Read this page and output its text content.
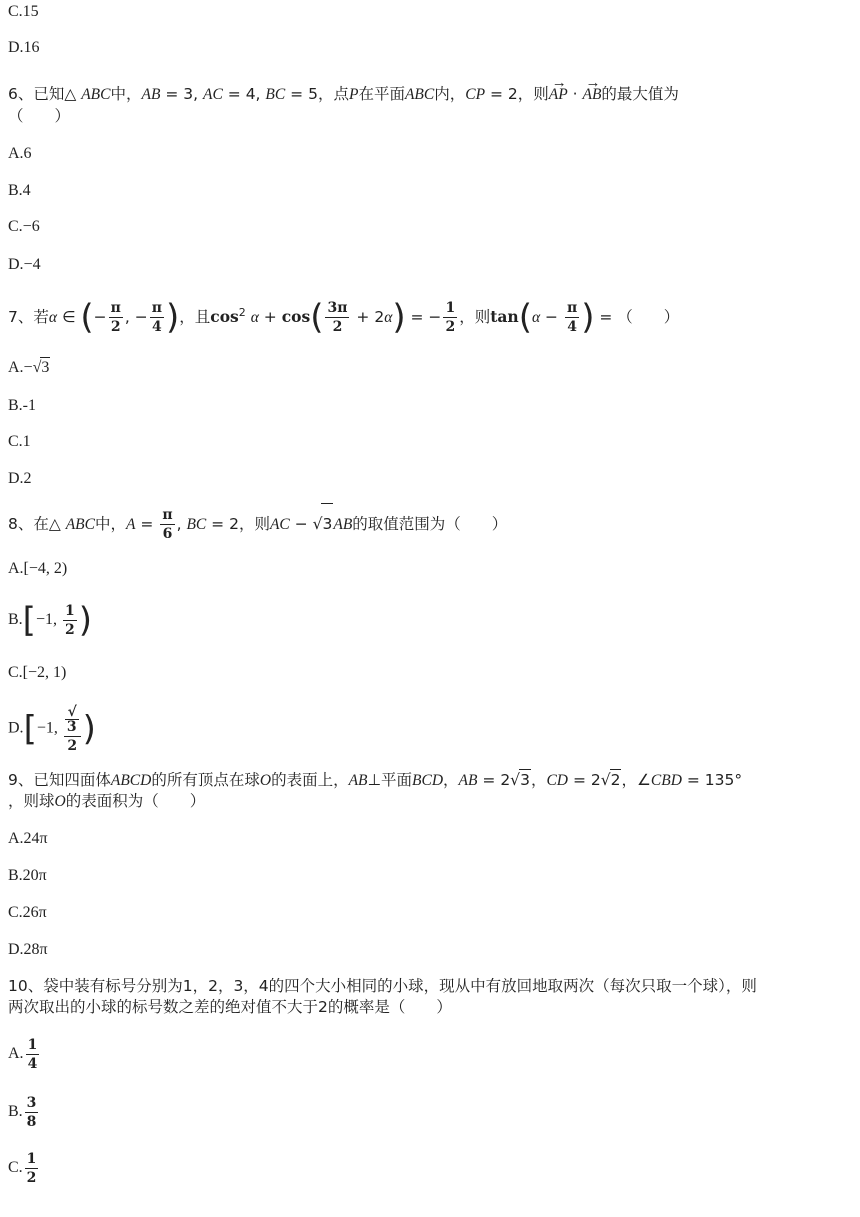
C.15
D.16
6、已知△ ABC中，AB = 3, AC = 4, BC = 5，点P在平面ABC内，CP = 2，则→ AP · → AB的最大值为
（　　）
A.6
B.4
C.−6
D.−4
7、若α ∈ (− $\frac{\pi}{2}$ , − $\frac{\pi}{4}$ )，且$\cos^2 \alpha + \cos( \frac{3\pi}{2} + 2\alpha)$ = − $\frac{1}{2}$ ，则$\tan(\alpha - \frac{\pi}{4}$ ) = （　　）
A.−√3
B.-1
C.1
D.2
8、在△ ABC中，$A = \frac{\pi}{6}$ , BC = 2，则AC − √3AB的取值范围为（　　）
A.[−4, 2)
B.[−1, $\frac{1}{2}$ )
C.[−2, 1)
D.[−1, √
3
2 )
9、已知四面体ABCD的所有顶点在球O的表面上，AB⊥平面BCD，AB = 2√3，CD = 2√2，∠CBD = 135°
，则球O的表面积为（　　）
A.24π
B.20π
C.26π
D.28π
10、袋中装有标号分别为1，2，3，4的四个大小相同的小球，现从中有放回地取两次（每次只取一个球），则
两次取出的小球的标号数之差的绝对值不大于2的概率是（　　）
A. $\frac{1}{4}$
B. $\frac{3}{8}$
C. $\frac{1}{2}$
